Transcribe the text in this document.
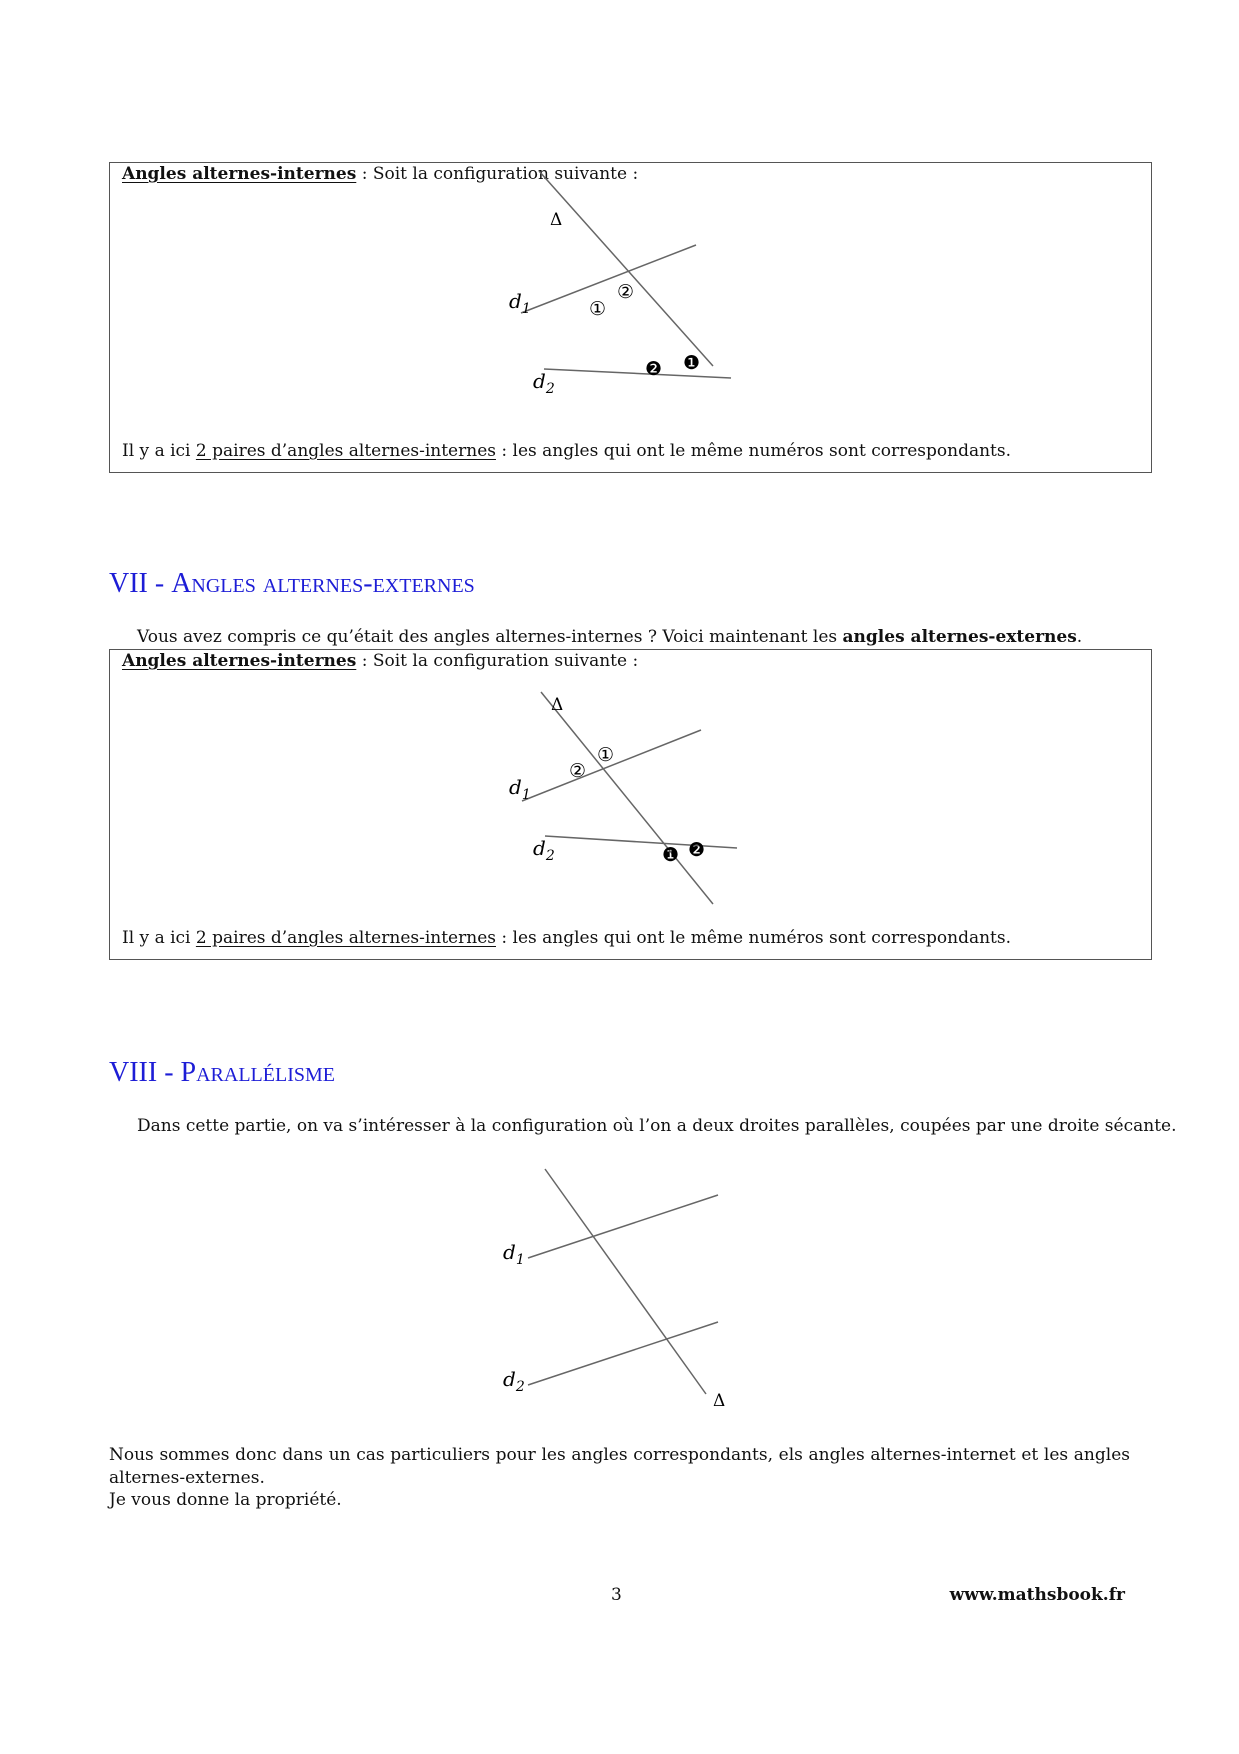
Angles alternes-internes : Soit la configuration suivante :
Δ
$d_1$
$d_2$
①
②
❷ ❶
Il y a ici 2 paires d’angles alternes-internes : les angles qui ont le même numéros sont correspondants.
VII - Angles alternes-externes
Vous avez compris ce qu’était des angles alternes-internes ? Voici maintenant les angles alternes-externes.
Angles alternes-internes : Soit la configuration suivante :
Δ
$d_1$
$d_2$
②
①
❶ ❷
Il y a ici 2 paires d’angles alternes-internes : les angles qui ont le même numéros sont correspondants.
VIII - Parallélisme
Dans cette partie, on va s’intéresser à la configuration où l’on a deux droites parallèles, coupées par une droite sécante.
$d_1$
$d_2$
Δ
Nous sommes donc dans un cas particuliers pour les angles correspondants, els angles alternes-internet et les angles alternes-externes.
Je vous donne la propriété.
3	www.mathsbook.fr
